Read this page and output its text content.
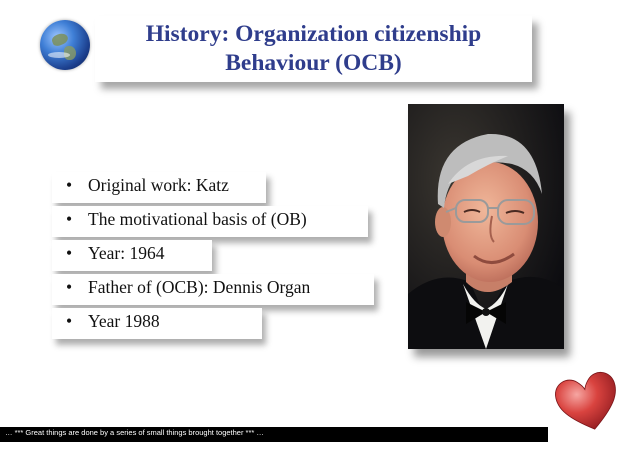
History: Organization citizenship

Behaviour (OCB)

• Original work: Katz
• The motivational basis of (OB)
• Year: 1964
• Father of (OCB): Dennis Organ
• Year 1988
… *** Great things are done by a series of small things brought together *** …
